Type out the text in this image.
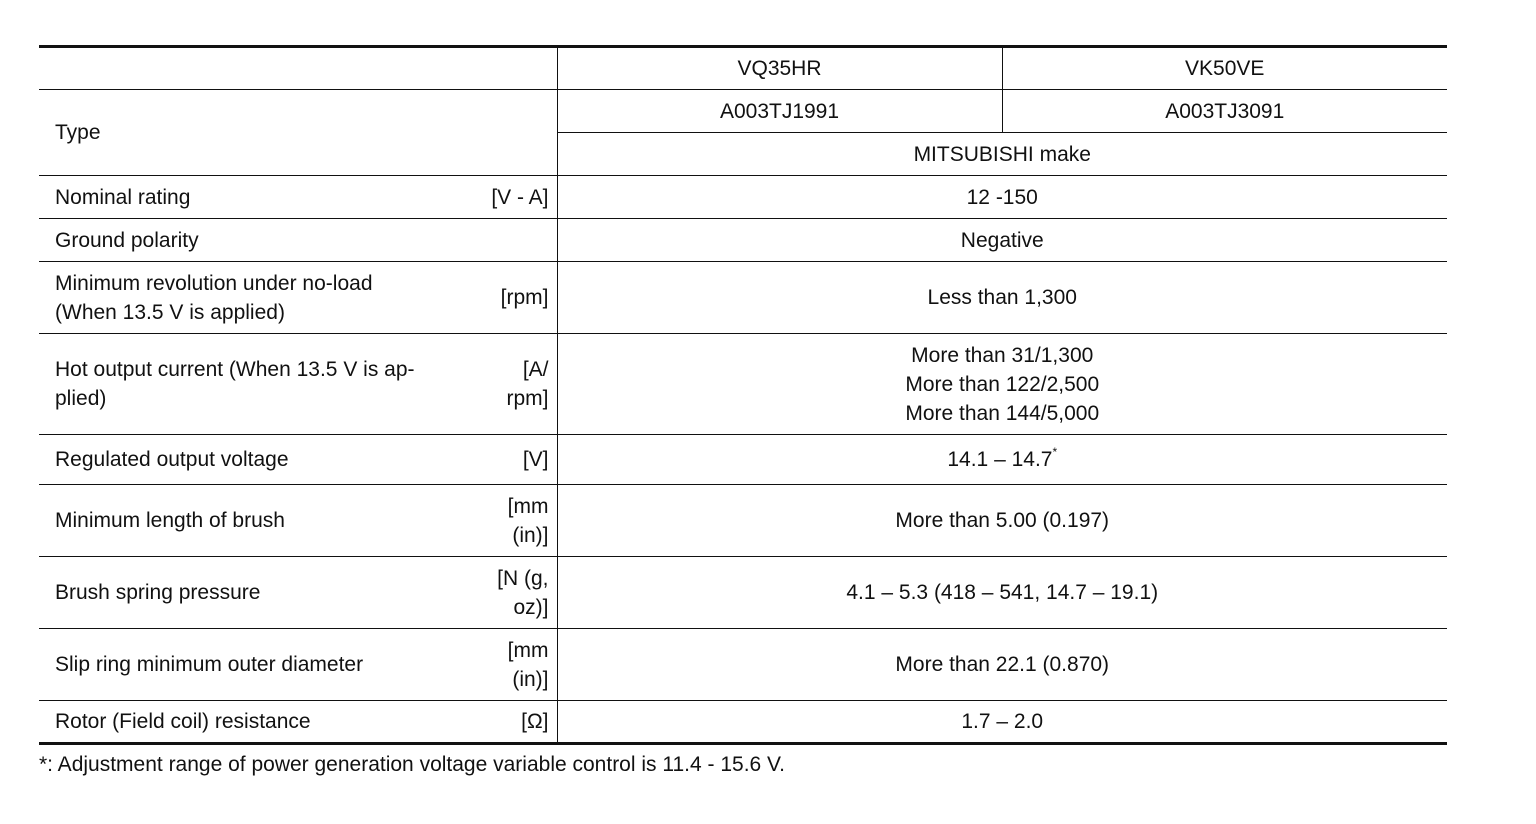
		VQ35HR	VK50VE
Type		A003TJ1991	A003TJ3091
		MITSUBISHI make	
Nominal rating	[V - A]	12 -150	
Ground polarity		Negative	

Minimum revolution under no-load
(When 13.5 V is applied)	[rpm]	Less than 1,300	

Hot output current (When 13.5 V is ap-
plied)	[A/
rpm]	More than 31/1,300
More than 122/2,500
More than 144/5,000	

Regulated output voltage	[V]	14.1 – 14.7*
Minimum length of brush	[mm
(in)]	More than 5.00 (0.197)	
Brush spring pressure	[N (g,
oz)]	4.1 – 5.3 (418 – 541, 14.7 – 19.1)	
Slip ring minimum outer diameter	[mm
(in)]	More than 22.1 (0.870)	
Rotor (Field coil) resistance	[Ω]	1.7 – 2.0	
*: Adjustment range of power generation voltage variable control is 11.4 - 15.6 V.
